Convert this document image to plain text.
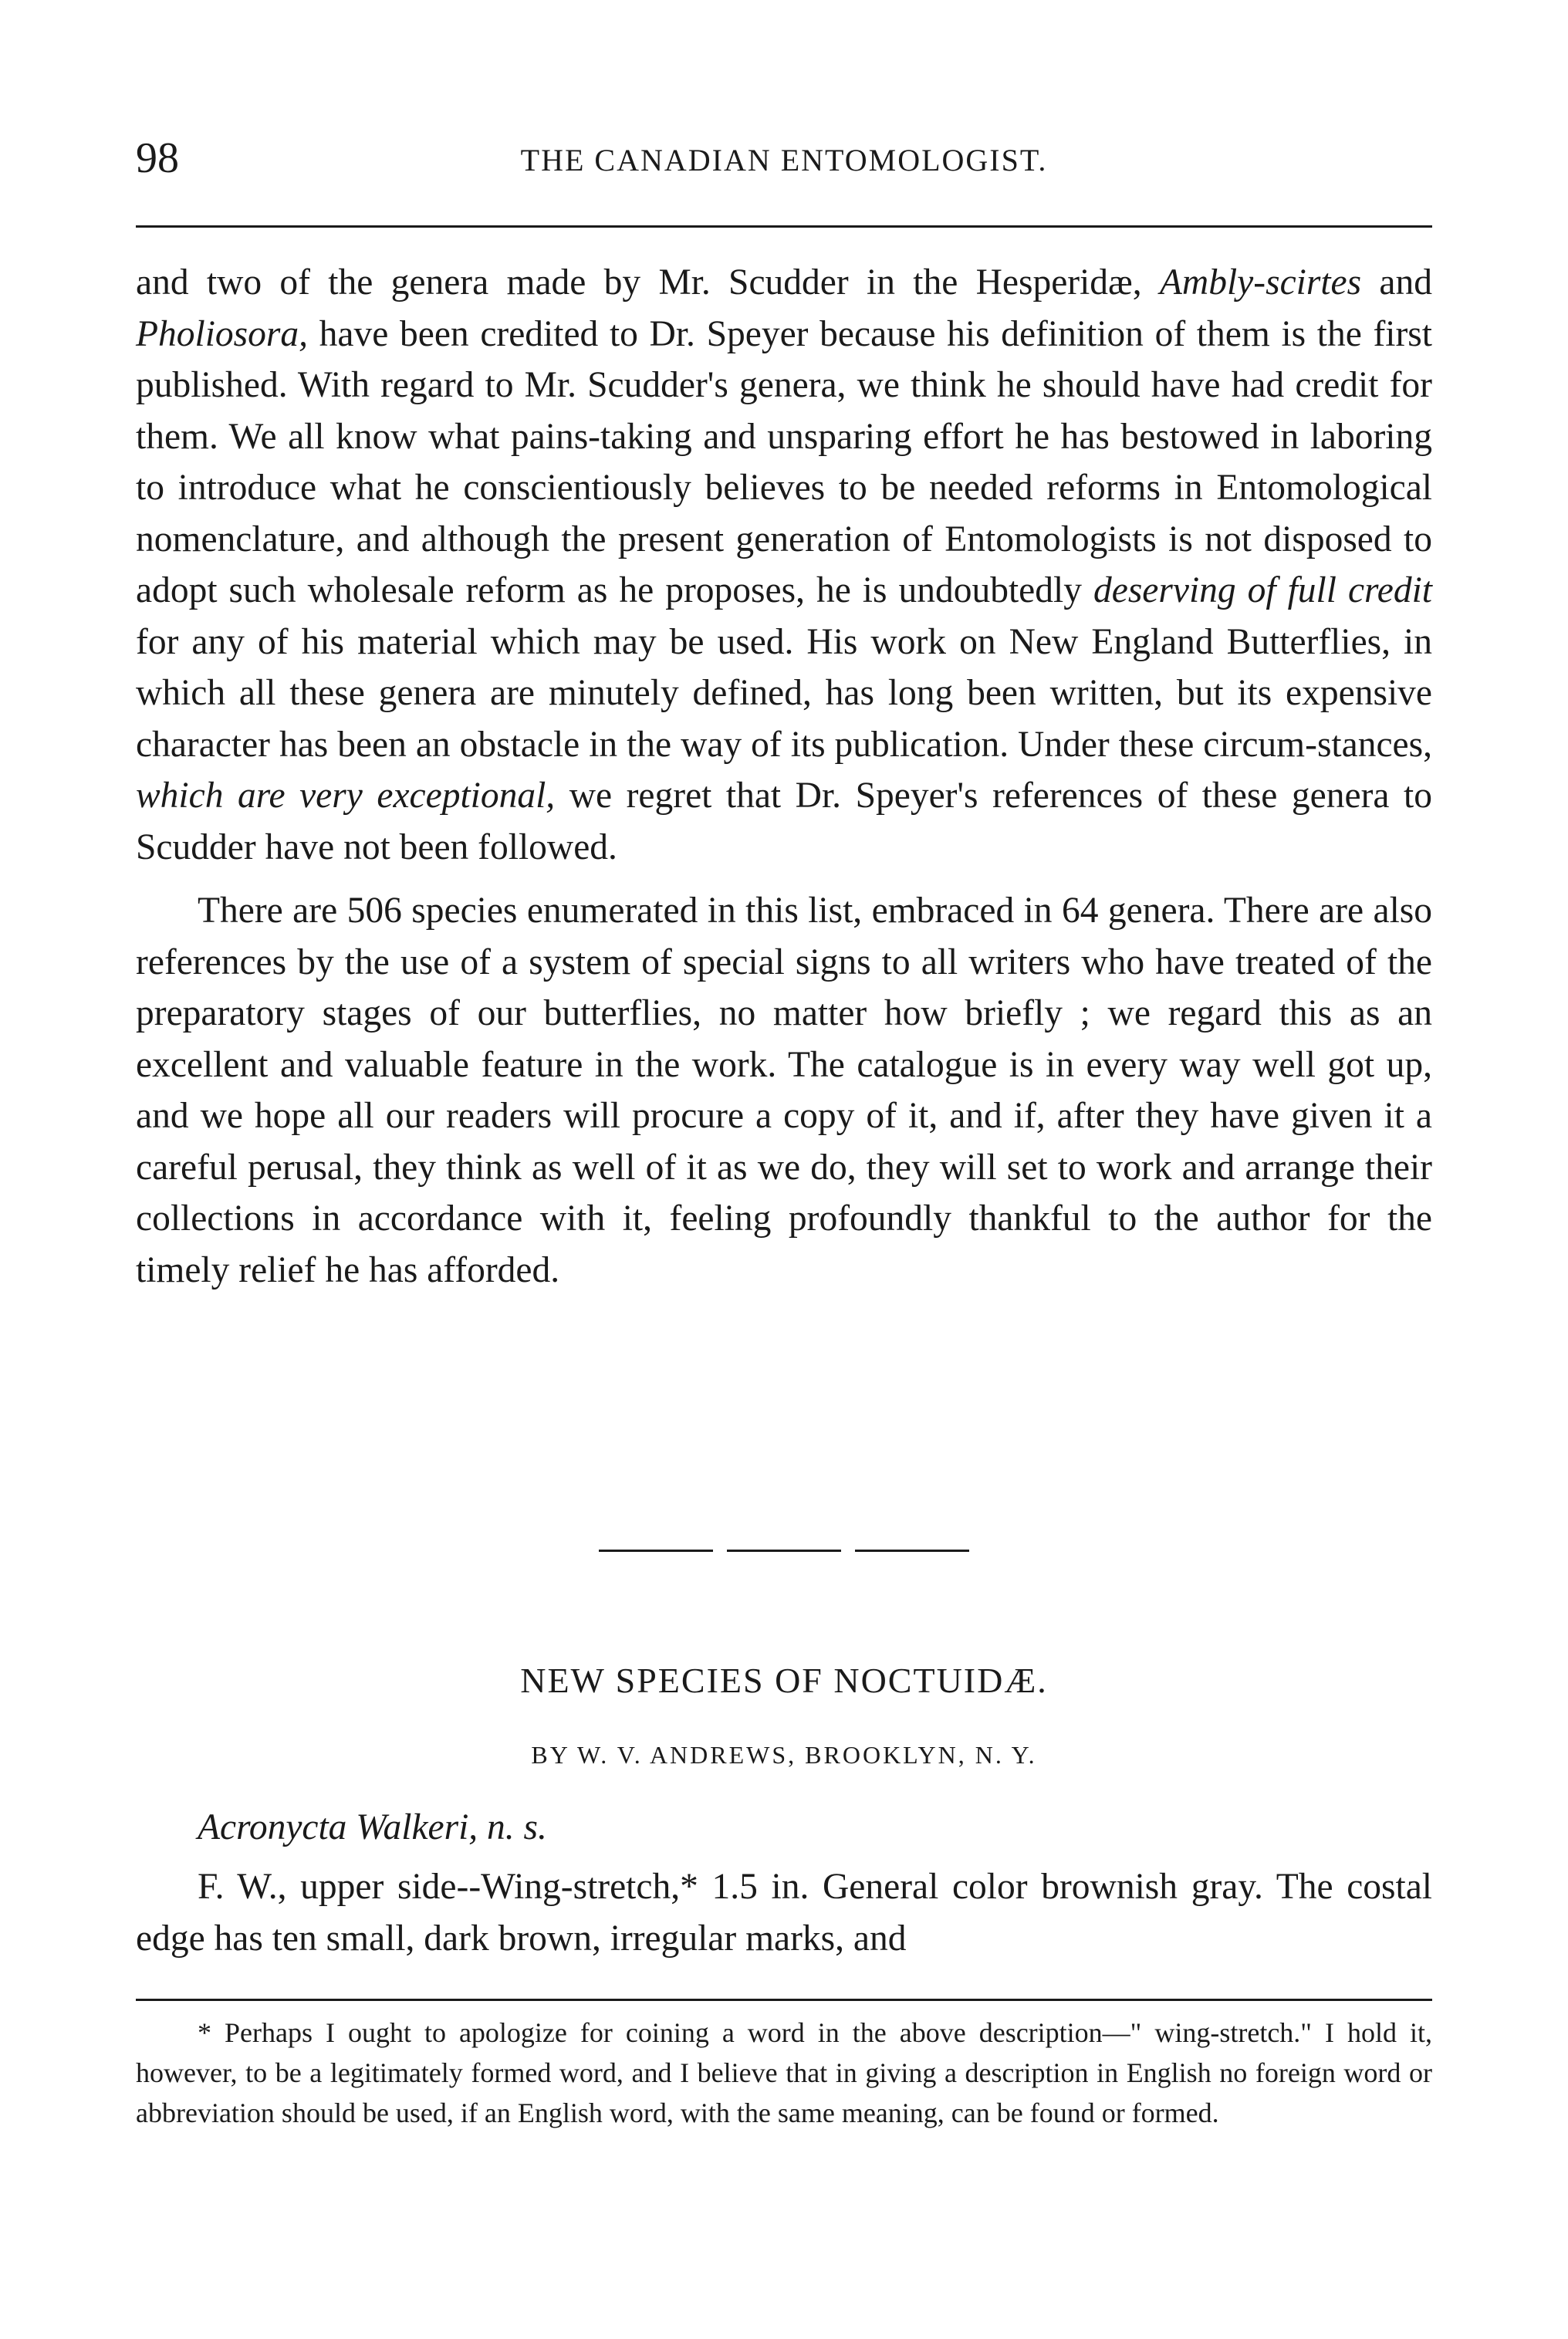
98	THE CANADIAN ENTOMOLOGIST.

and two of the genera made by Mr. Scudder in the Hesperidæ, Ambly-scirtes and Pholiosora, have been credited to Dr. Speyer because his definition of them is the first published. With regard to Mr. Scudder's genera, we think he should have had credit for them. We all know what pains-taking and unsparing effort he has bestowed in laboring to introduce what he conscientiously believes to be needed reforms in Entomological nomenclature, and although the present generation of Entomologists is not disposed to adopt such wholesale reform as he proposes, he is undoubtedly deserving of full credit for any of his material which may be used. His work on New England Butterflies, in which all these genera are minutely defined, has long been written, but its expensive character has been an obstacle in the way of its publication. Under these circum-stances, which are very exceptional, we regret that Dr. Speyer's references of these genera to Scudder have not been followed.

There are 506 species enumerated in this list, embraced in 64 genera. There are also references by the use of a system of special signs to all writers who have treated of the preparatory stages of our butterflies, no matter how briefly ; we regard this as an excellent and valuable feature in the work. The catalogue is in every way well got up, and we hope all our readers will procure a copy of it, and if, after they have given it a careful perusal, they think as well of it as we do, they will set to work and arrange their collections in accordance with it, feeling profoundly thankful to the author for the timely relief he has afforded.

NEW SPECIES OF NOCTUIDÆ.
BY W. V. ANDREWS, BROOKLYN, N. Y.
Acronycta Walkeri, n. s.

F. W., upper side--Wing-stretch,* 1.5 in. General color brownish gray. The costal edge has ten small, dark brown, irregular marks, and

* Perhaps I ought to apologize for coining a word in the above description—" wing-stretch." I hold it, however, to be a legitimately formed word, and I believe that in giving a description in English no foreign word or abbreviation should be used, if an English word, with the same meaning, can be found or formed.
